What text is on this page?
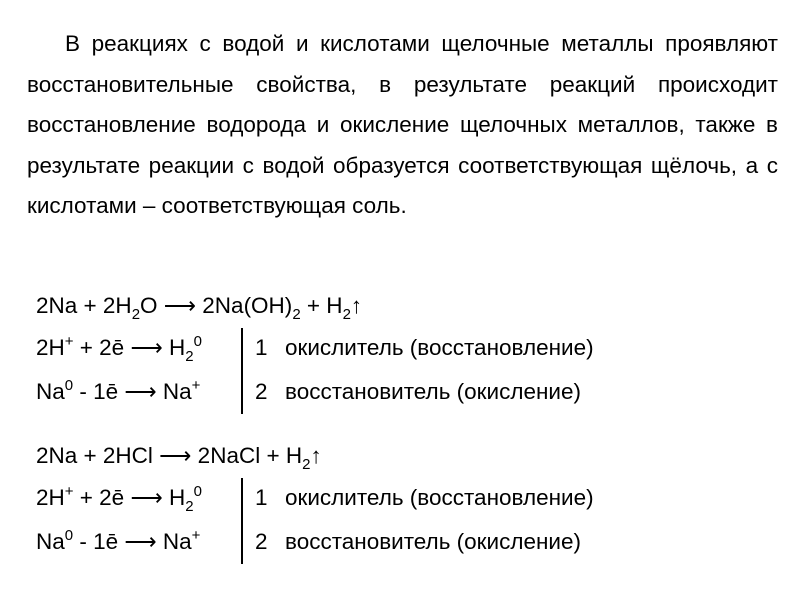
В реакциях с водой и кислотами щелочные металлы проявляют восстановительные свойства, в результате реакций происходит восстановление водорода и окисление щелочных металлов, также в результате реакции с водой образуется соответствующая щёлочь, а с кислотами – соответствующая соль.

$2Na + 2H_2O$ ⟶ $2Na(OH)_2$ + $H_2↑$
2H+ + 2ē ⟶ $H_2^0$ 1 окислитель (восстановление)
Na$^0$ - 1ē ⟶ Na+ 2 восстановитель (окисление)
2Na + 2HCl ⟶ 2NaCl + $H_2↑$
2H+ + 2ē ⟶ $H_2^0$ 1 окислитель (восстановление)
Na$^0$ - 1ē ⟶ Na+ 2 восстановитель (окисление)
